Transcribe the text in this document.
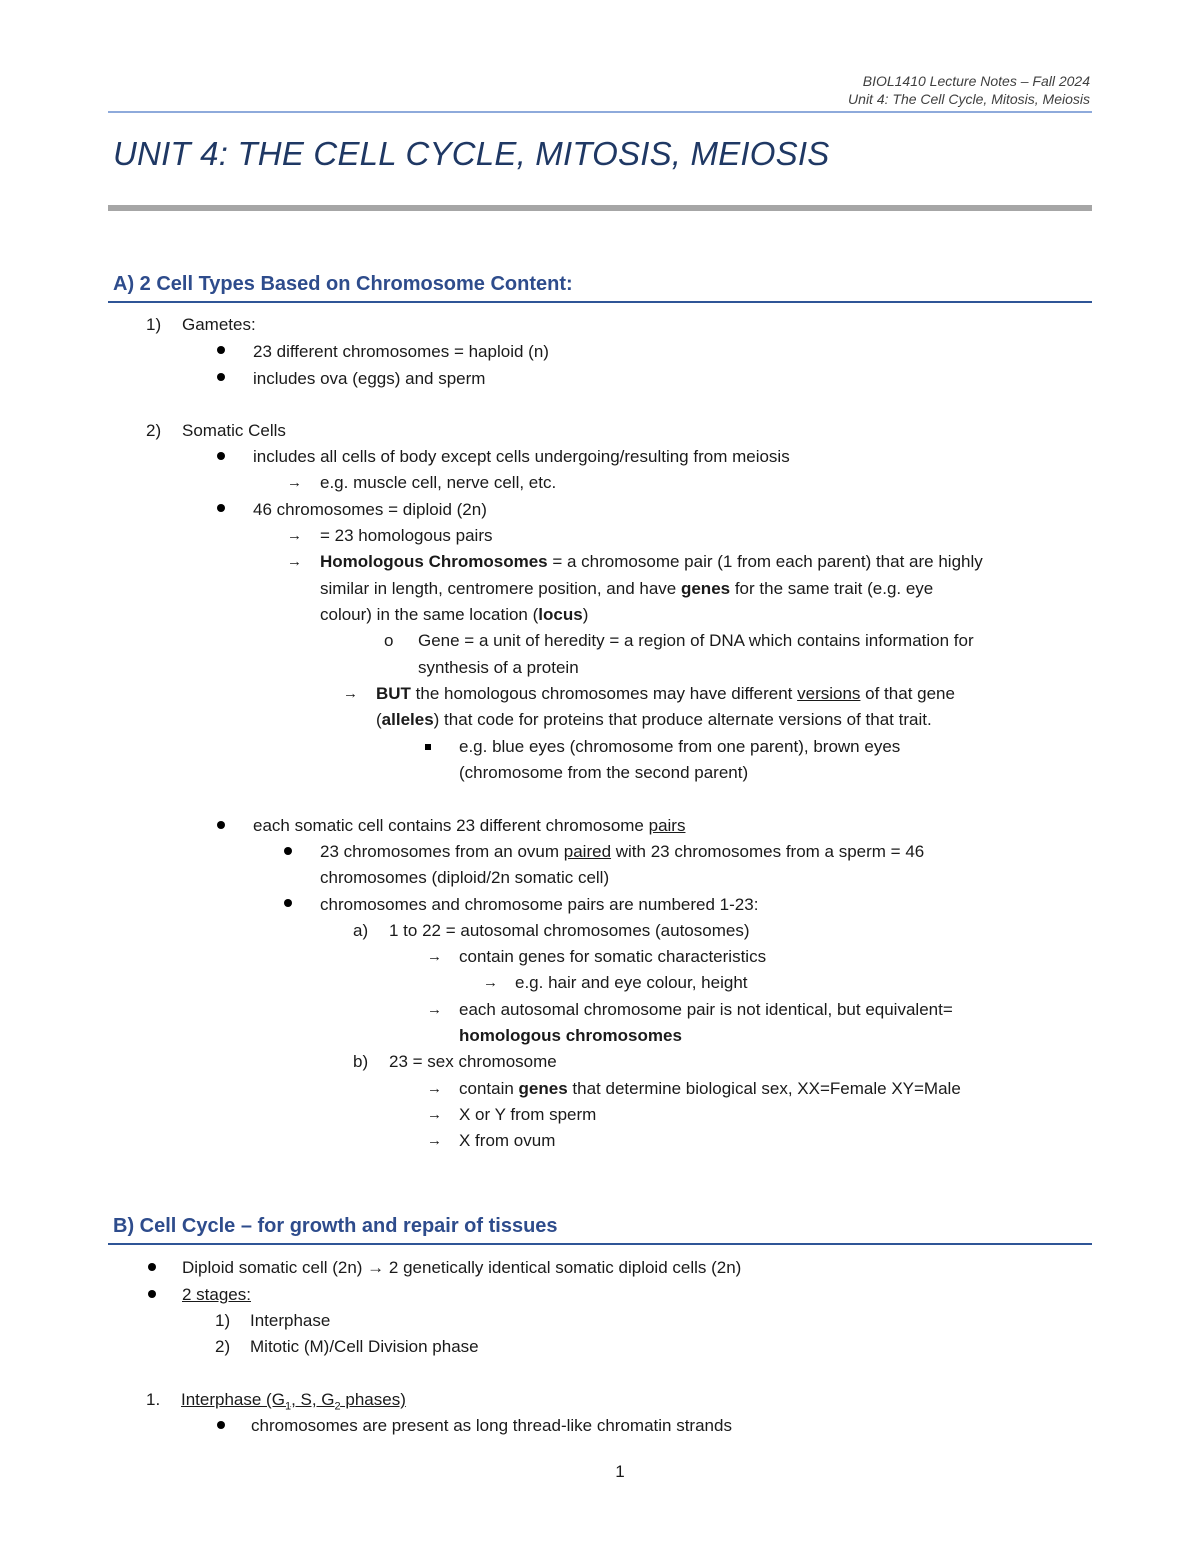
BIOL1410 Lecture Notes – Fall 2024
Unit 4: The Cell Cycle, Mitosis, Meiosis
UNIT 4: THE CELL CYCLE, MITOSIS, MEIOSIS
A) 2 Cell Types Based on Chromosome Content:
1) Gametes:
23 different chromosomes = haploid (n)
includes ova (eggs) and sperm
2) Somatic Cells
includes all cells of body except cells undergoing/resulting from meiosis
→ e.g. muscle cell, nerve cell, etc.
46 chromosomes = diploid (2n)
→ = 23 homologous pairs
→ Homologous Chromosomes = a chromosome pair (1 from each parent) that are highly
similar in length, centromere position, and have genes for the same trait (e.g. eye
colour) in the same location (locus)
o Gene = a unit of heredity = a region of DNA which contains information for
synthesis of a protein
→ BUT the homologous chromosomes may have different versions of that gene
(alleles) that code for proteins that produce alternate versions of that trait.
e.g. blue eyes (chromosome from one parent), brown eyes
(chromosome from the second parent)
each somatic cell contains 23 different chromosome pairs
23 chromosomes from an ovum paired with 23 chromosomes from a sperm = 46
chromosomes (diploid/2n somatic cell)
chromosomes and chromosome pairs are numbered 1-23:
a) 1 to 22 = autosomal chromosomes (autosomes)
→ contain genes for somatic characteristics
→ e.g. hair and eye colour, height
→ each autosomal chromosome pair is not identical, but equivalent=
homologous chromosomes
b) 23 = sex chromosome
→ contain genes that determine biological sex, XX=Female XY=Male
→ X or Y from sperm
→ X from ovum
B) Cell Cycle – for growth and repair of tissues
Diploid somatic cell (2n) → 2 genetically identical somatic diploid cells (2n)
2 stages:
1) Interphase
2) Mitotic (M)/Cell Division phase
1. Interphase ($G_1$, S, $G_2$ phases)
chromosomes are present as long thread-like chromatin strands
1
